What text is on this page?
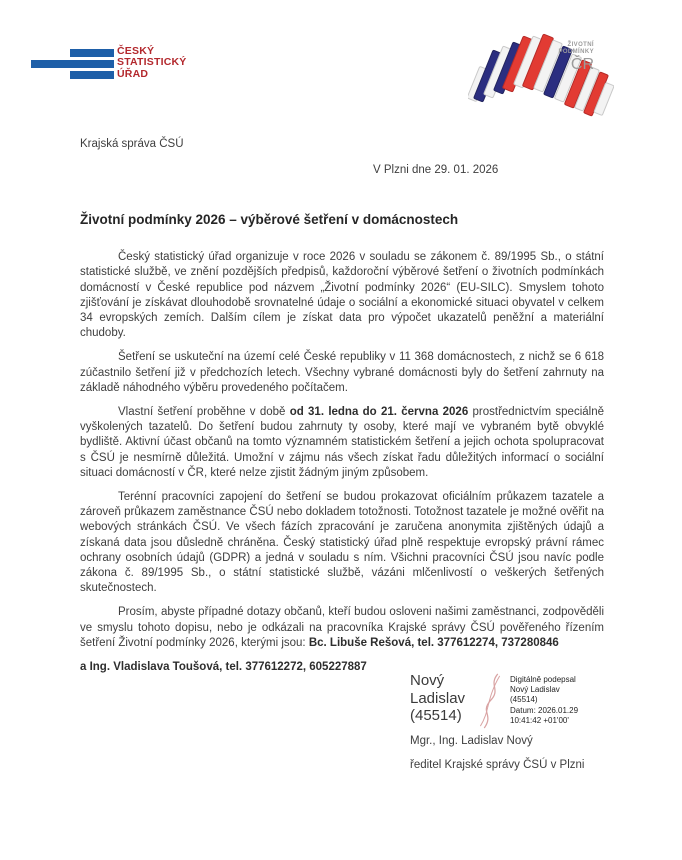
ČESKÝ
STATISTICKÝ
ÚŘAD
ŽIVOTNÍ
PODMÍNKY
ČR
Krajská správa ČSÚ
V Plzni dne 29. 01. 2026
Životní podmínky 2026 – výběrové šetření v domácnostech

Český statistický úřad organizuje v roce 2026 v souladu se zákonem č. 89/1995 Sb., o státní statistické službě, ve znění pozdějších předpisů, každoroční výběrové šetření o životních podmínkách domácností v České republice pod názvem „Životní podmínky 2026“ (EU-SILC). Smyslem tohoto zjišťování je získávat dlouhodobě srovnatelné údaje o sociální a ekonomické situaci obyvatel v celkem 34 evropských zemích. Dalším cílem je získat data pro výpočet ukazatelů peněžní a materiální chudoby.

Šetření se uskuteční na území celé České republiky v 11 368 domácnostech, z nichž se 6 618 zúčastnilo šetření již v předchozích letech. Všechny vybrané domácnosti byly do šetření zahrnuty na základě náhodného výběru provedeného počítačem.

Vlastní šetření proběhne v době od 31. ledna do 21. června 2026 prostřednictvím speciálně vyškolených tazatelů. Do šetření budou zahrnuty ty osoby, které mají ve vybraném bytě obvyklé bydliště. Aktivní účast občanů na tomto významném statistickém šetření a jejich ochota spolupracovat s ČSÚ je nesmírně důležitá. Umožní v zájmu nás všech získat řadu důležitých informací o sociální situaci domácností v ČR, které nelze zjistit žádným jiným způsobem.

Terénní pracovníci zapojení do šetření se budou prokazovat oficiálním průkazem tazatele a zároveň průkazem zaměstnance ČSÚ nebo dokladem totožnosti. Totožnost tazatele je možné ověřit na webových stránkách ČSÚ. Ve všech fázích zpracování je zaručena anonymita zjištěných údajů a získaná data jsou důsledně chráněna. Český statistický úřad plně respektuje evropský právní rámec ochrany osobních údajů (GDPR) a jedná v souladu s ním. Všichni pracovníci ČSÚ jsou navíc podle zákona č. 89/1995 Sb., o státní statistické službě, vázáni mlčenlivostí o veškerých šetřených skutečnostech.

Prosím, abyste případné dotazy občanů, kteří budou osloveni našimi zaměstnanci, zodpověděli ve smyslu tohoto dopisu, nebo je odkázali na pracovníka Krajské správy ČSÚ pověřeného řízením šetření Životní podmínky 2026, kterými jsou: Bc. Libuše Rešová, tel. 377612274, 737280846

a Ing. Vladislava Toušová, tel. 377612272, 605227887

Nový
Ladislav
(45514)
Digitálně podepsal
Nový Ladislav
(45514)
Datum: 2026.01.29
10:41:42 +01'00'
Mgr., Ing. Ladislav Nový
ředitel Krajské správy ČSÚ v Plzni
